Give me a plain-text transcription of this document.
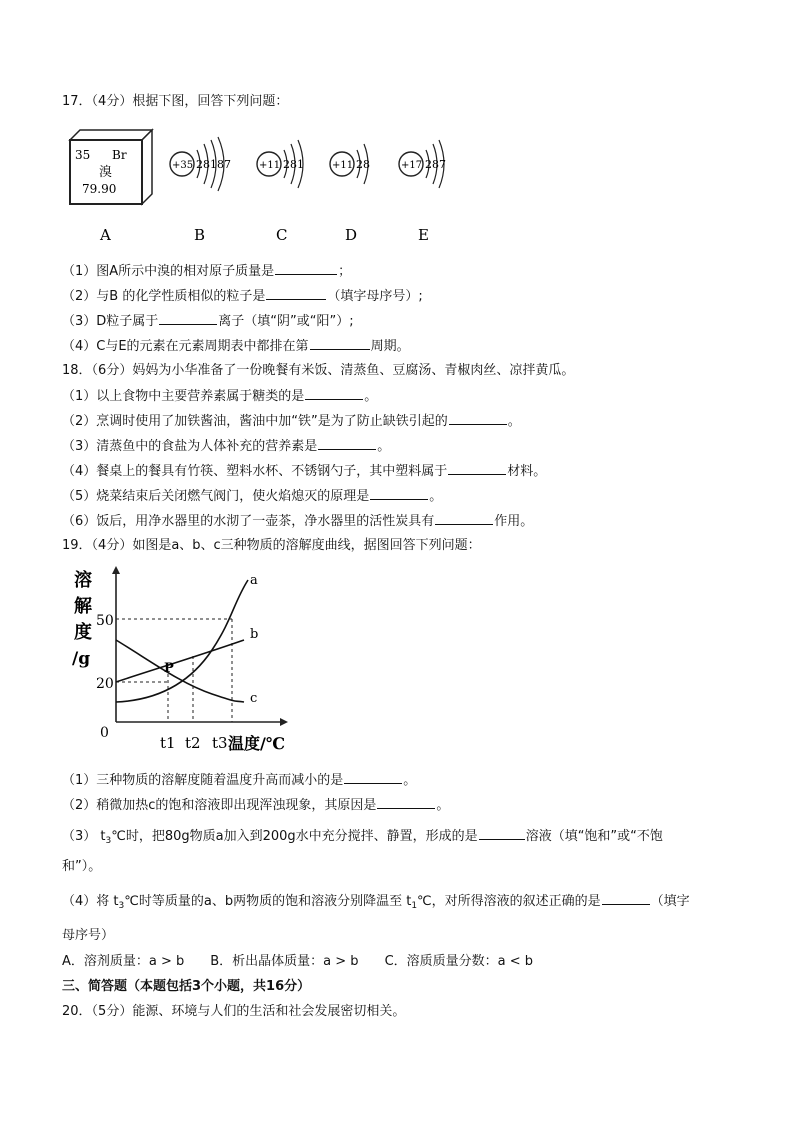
17．（4分）根据下图，回答下列问题：
35 Br
溴
79.90
+35 28187	+11 281	+11 28	+17 287
A	B	C	D	E
（1）图A所示中溴的相对原子质量是	；
（2）与B 的化学性质相似的粒子是	（填字母序号）;
（3）D粒子属于	离子（填“阴”或“阳”）;
（4）C与E的元素在元素周期表中都排在第	周期。
18．（6分）妈妈为小华准备了一份晚餐有米饭、清蒸鱼、豆腐汤、青椒肉丝、凉拌黄瓜。
（1）以上食物中主要营养素属于糖类的是	。
（2）烹调时使用了加铁酱油，酱油中加“铁”是为了防止缺铁引起的	。
（3）清蒸鱼中的食盐为人体补充的营养素是	。
（4）餐桌上的餐具有竹筷、塑料水杯、不锈钢勺子，其中塑料属于	材料。
（5）烧菜结束后关闭燃气阀门，使火焰熄灭的原理是	。
（6）饭后，用净水器里的水沏了一壶茶，净水器里的活性炭具有	作用。
19．（4分）如图是a、b、c三种物质的溶解度曲线，据图回答下列问题：
溶
解
度
/g
50
20
0
a
b
c
P
t1 t2 t3 温度/℃
（1）三种物质的溶解度随着温度升高而减小的是	。
（2）稍微加热c的饱和溶液即出现浑浊现象，其原因是	。
（3） $t_3℃$时，把80g物质a加入到200g水中充分搅拌、静置，形成的是	溶液（填“饱和”或“不饱
和”）。
（4）将 $t_3℃$时等质量的a、b两物质的饱和溶液分别降温至 $t_1℃$，对所得溶液的叙述正确的是	（填字
母序号）
A．溶剂质量：a > b　　B．析出晶体质量：a > b　　C．溶质质量分数：a < b
三、简答题（本题包括3个小题，共16分）
20．（5分）能源、环境与人们的生活和社会发展密切相关。
